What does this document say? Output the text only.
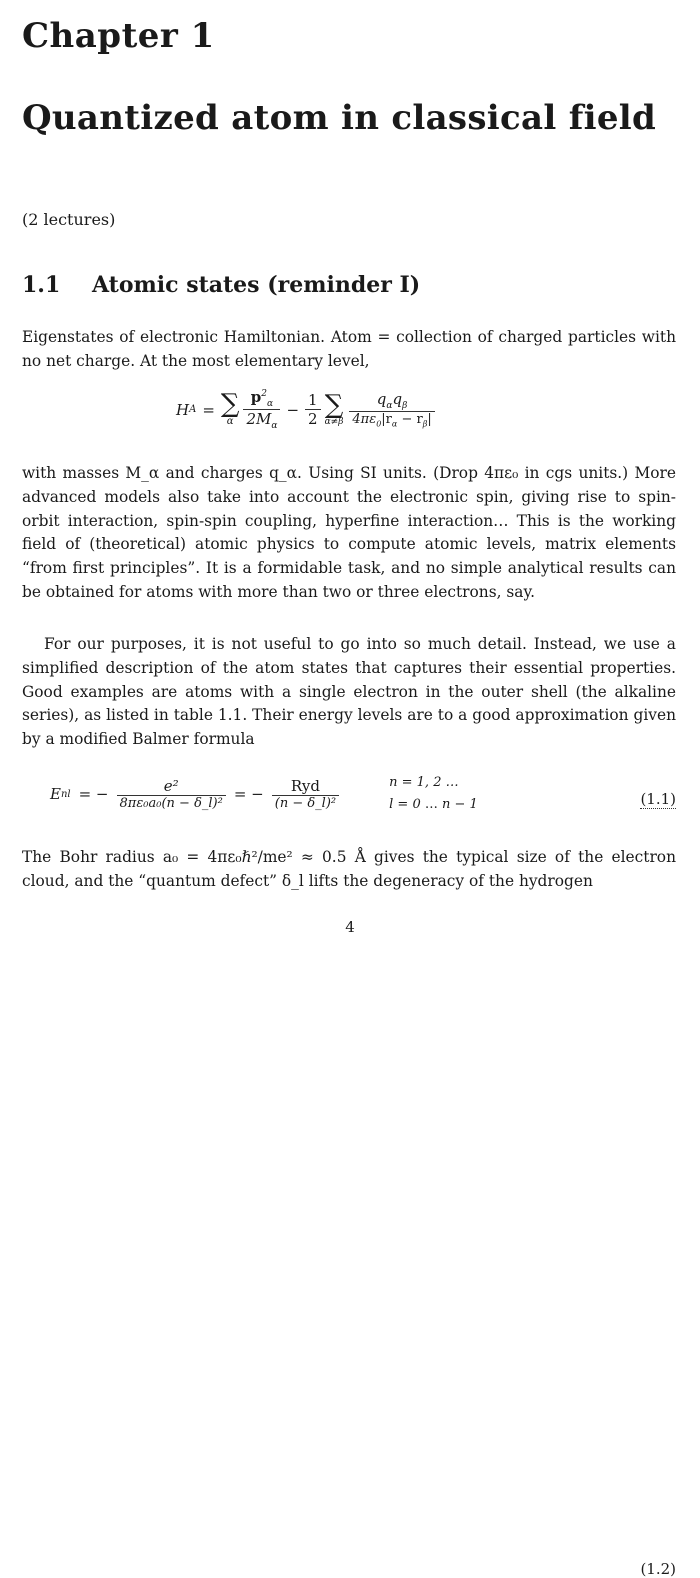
Chapter 1
Quantized atom in classical field
(2 lectures)
1.1 Atomic states (reminder I)
Eigenstates of electronic Hamiltonian. Atom = collection of charged particles with no net charge. At the most elementary level,
H A = ∑
α $\frac{p^2_\alpha}{2M_\alpha} - \frac{1}{2}$ ∑
$\alpha\ne\beta \frac{q_\alpha q_\beta}{4\pi\varepsilon_0|r_\alpha - r_\beta|}$
(1.1)
with masses M_α and charges q_α. Using SI units. (Drop 4πε₀ in cgs units.) More advanced models also take into account the electronic spin, giving rise to spin-orbit interaction, spin-spin coupling, hyperfine interaction… This is the working field of (theoretical) atomic physics to compute atomic levels, matrix elements “from first principles”. It is a formidable task, and no simple analytical results can be obtained for atoms with more than two or three electrons, say.
For our purposes, it is not useful to go into so much detail. Instead, we use a simplified description of the atom states that captures their essential properties. Good examples are atoms with a single electron in the outer shell (the alkaline series), as listed in table 1.1. Their energy levels are to a good approximation given by a modified Balmer formula
E nl = − $\frac{\text{e²}}{\text{8πε₀a₀(n − δ\_l)²}}$ = − $\frac{\text{Ryd}}{\text{(n − δ\_l)²}}$	n = 1, 2 …
l = 0 … n − 1
(1.2)
The Bohr radius a₀ = 4πε₀ℏ²/me² ≈ 0.5 Å gives the typical size of the electron cloud, and the “quantum defect” δ_l lifts the degeneracy of the hydrogen
4
